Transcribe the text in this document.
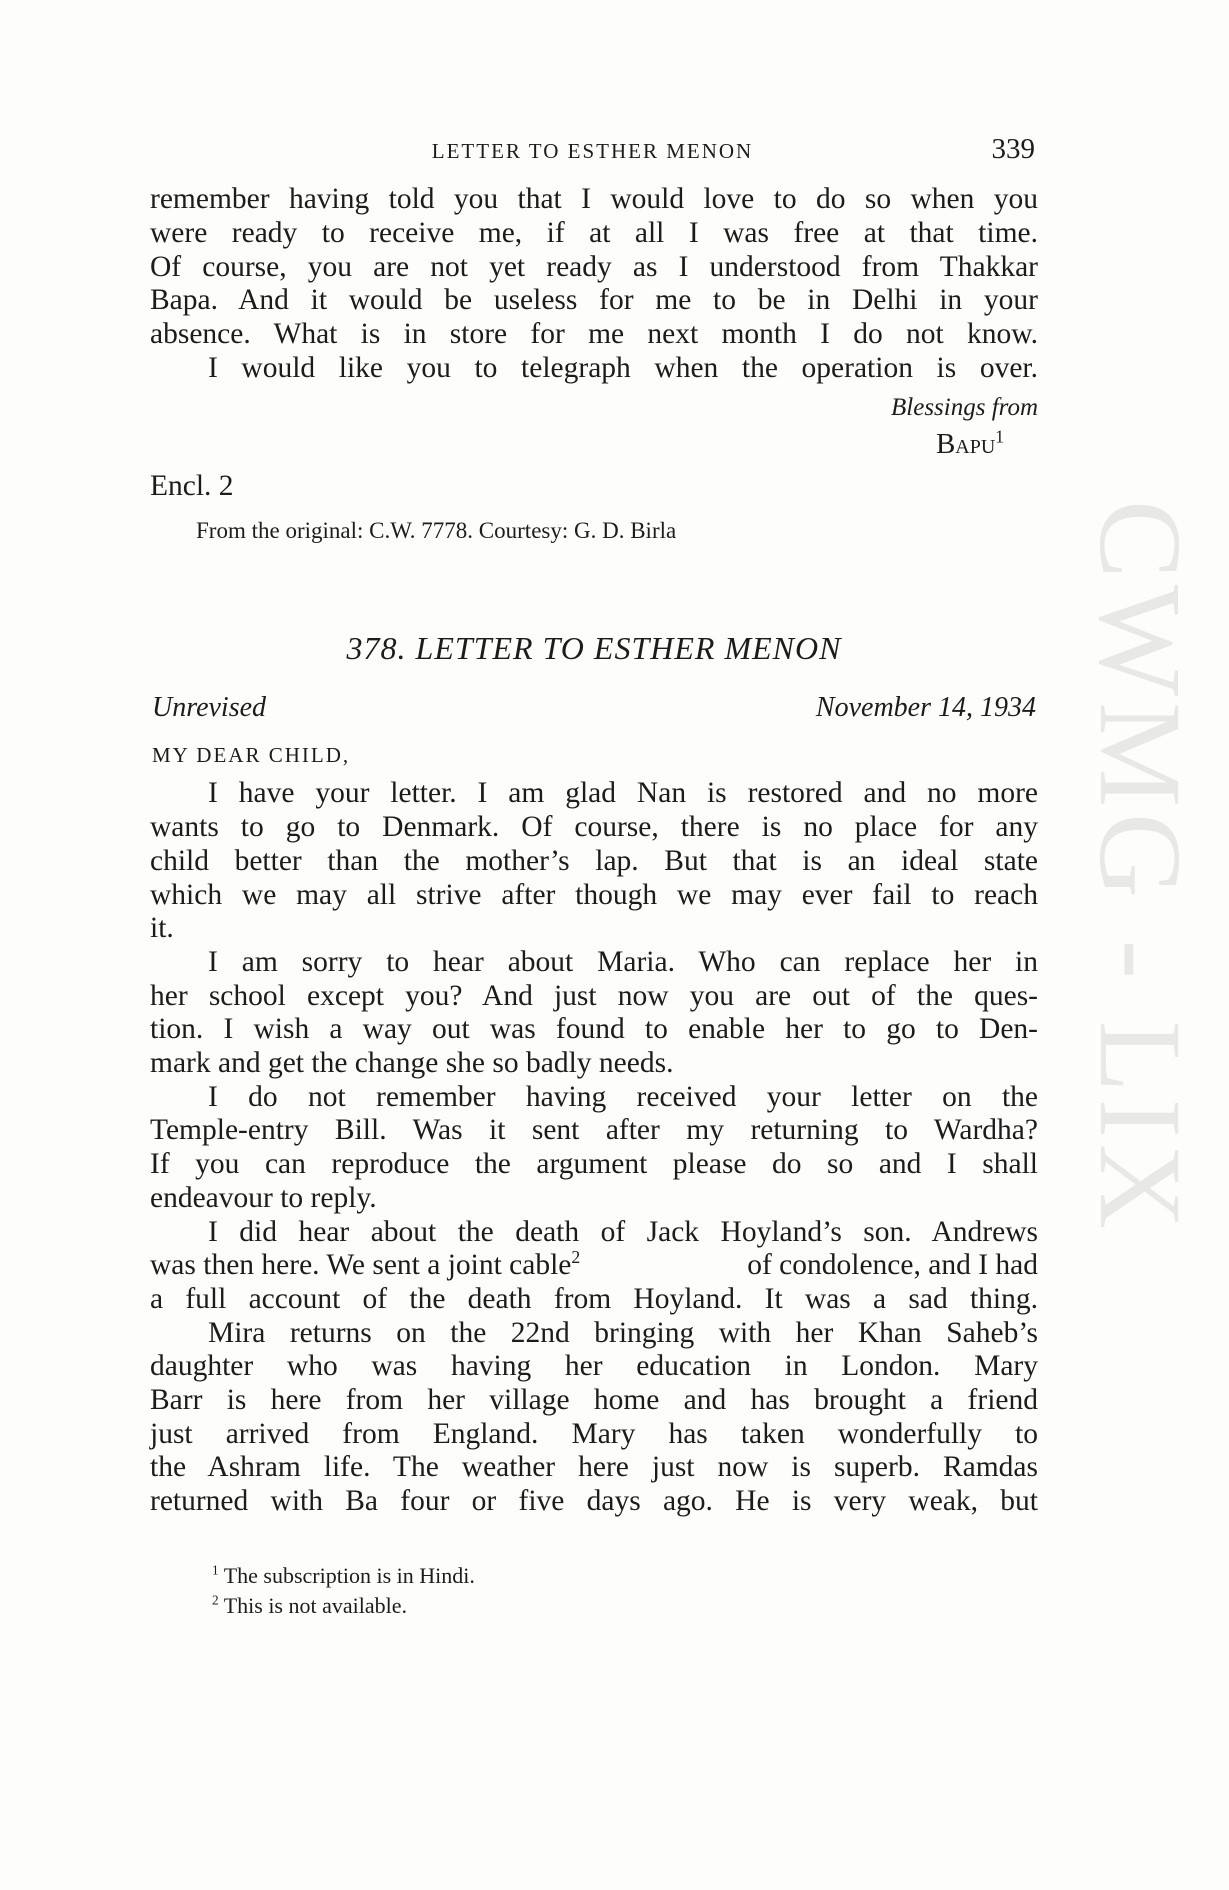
CWMG - LIX
LETTER TO ESTHER MENON	339
remember having told you that I would love to do so when you
were ready to receive me, if at all I was free at that time.
Of course, you are not yet ready as I understood from Thakkar
Bapa. And it would be useless for me to be in Delhi in your
absence. What is in store for me next month I do not know.
I would like you to telegraph when the operation is over.
Blessings from
Bapu$^1$
Encl. 2
From the original: C.W. 7778. Courtesy: G. D. Birla
378. LETTER TO ESTHER MENON
Unrevised	November 14, 1934
MY DEAR CHILD,
I have your letter. I am glad Nan is restored and no more
wants to go to Denmark. Of course, there is no place for any
child better than the mother’s lap. But that is an ideal state
which we may all strive after though we may ever fail to reach
it.
I am sorry to hear about Maria. Who can replace her in
her school except you? And just now you are out of the ques-
tion. I wish a way out was found to enable her to go to Den-
mark and get the change she so badly needs.
I do not remember having received your letter on the
Temple-entry Bill. Was it sent after my returning to Wardha?
If you can reproduce the argument please do so and I shall
endeavour to reply.
I did hear about the death of Jack Hoyland’s son. Andrews
was then here. We sent a joint cable$^2$	of condolence, and I had
a full account of the death from Hoyland. It was a sad thing.
Mira returns on the 22nd bringing with her Khan Saheb’s
daughter who was having her education in London. Mary
Barr is here from her village home and has brought a friend
just arrived from England. Mary has taken wonderfully to
the Ashram life. The weather here just now is superb. Ramdas
returned with Ba four or five days ago. He is very weak, but
$^1$ The subscription is in Hindi.
$^2$ This is not available.
